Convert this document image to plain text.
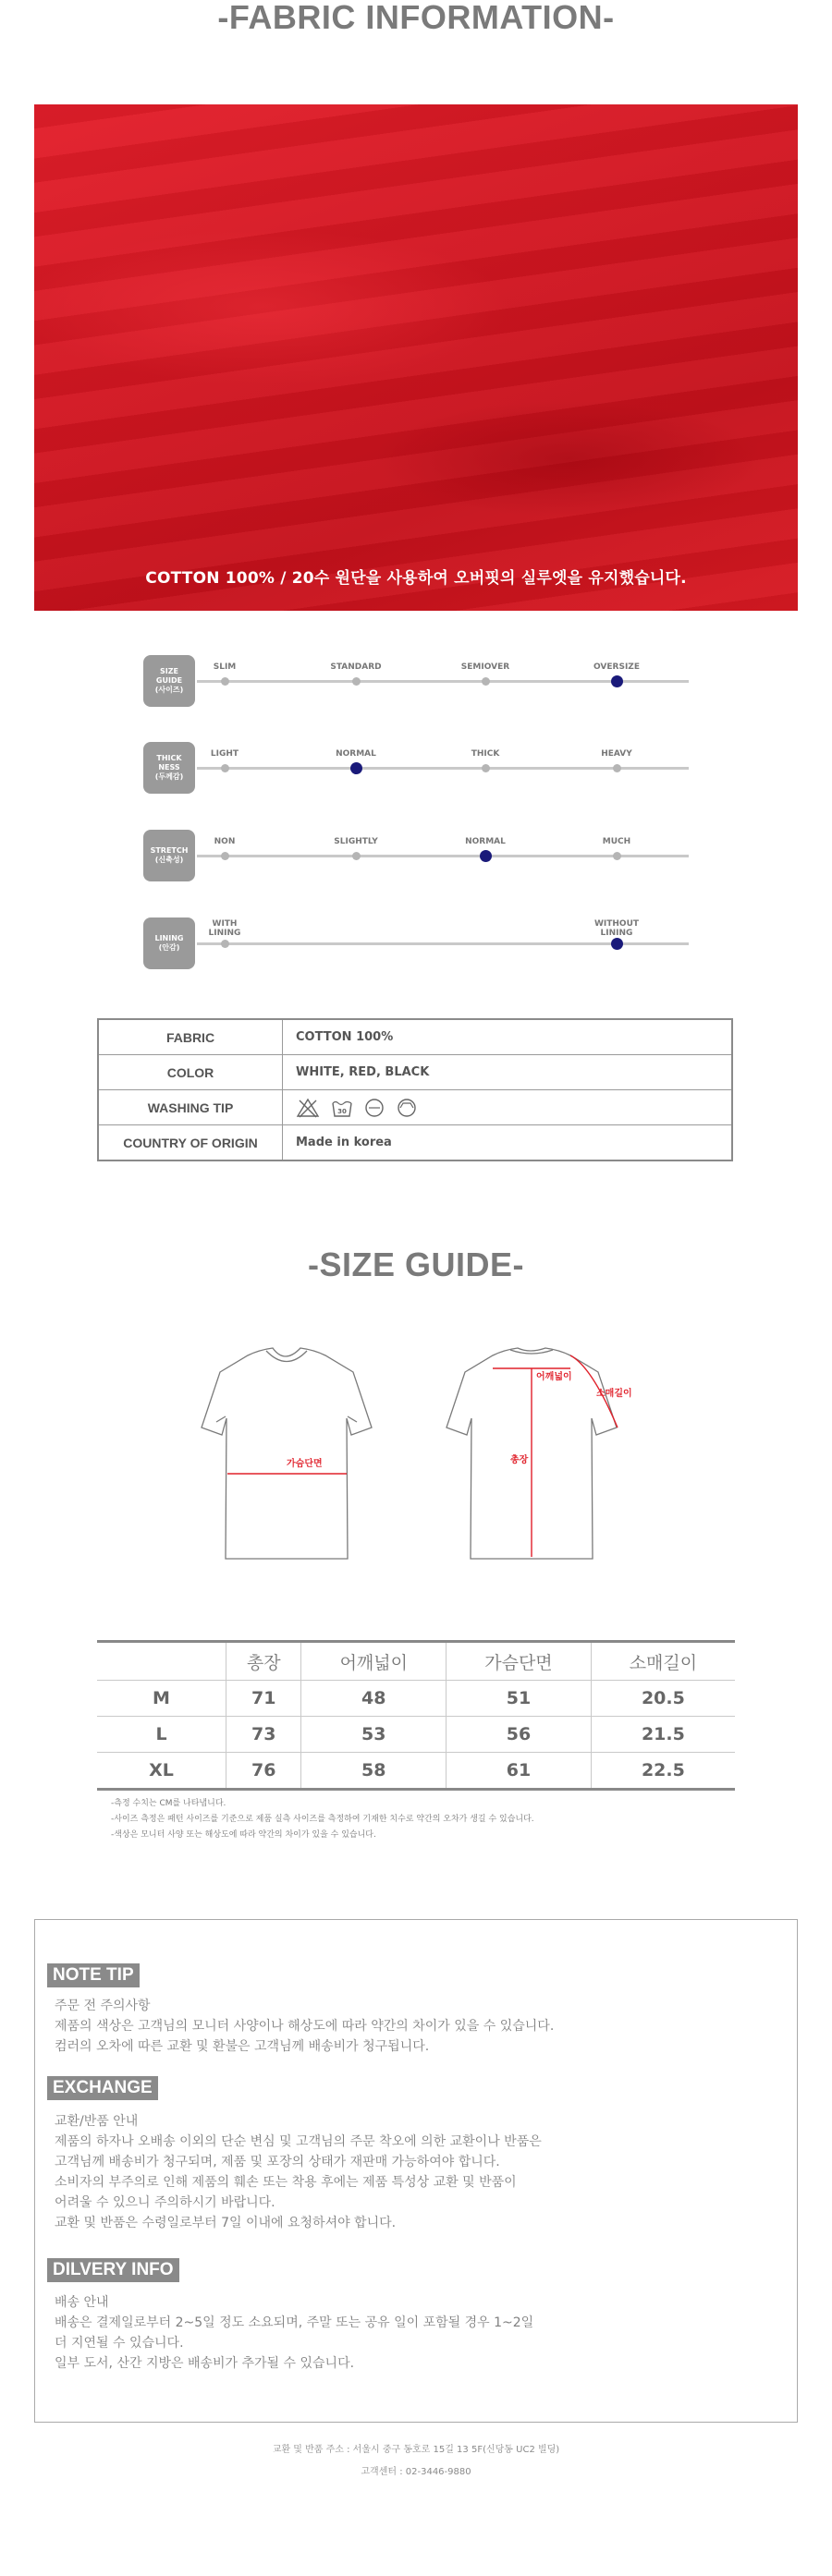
-FABRIC INFORMATION-
COTTON 100% / 20수 원단을 사용하여 오버핏의 실루엣을 유지했습니다.
SIZE
GUIDE
(사이즈)
SLIM	STANDARD	SEMIOVER	OVERSIZE
THICK
NESS
(두께감)
LIGHT	NORMAL	THICK	HEAVY
STRETCH
(신축성)
NON	SLIGHTLY	NORMAL	MUCH
LINING
(안감)
WITH
LINING
WITHOUT
LINING
FABRIC	COTTON 100%
COLOR	WHITE, RED, BLACK
WASHING TIP	30

COUNTRY OF ORIGIN	Made in korea
-SIZE GUIDE-
가슴단면
어깨넓이
소매길이
총장
	총장	어깨넓이	가슴단면	소매길이
M	71	48	51	20.5
L	73	53	56	21.5
XL	76	58	61	22.5
-측정 수치는 CM를 나타냅니다.
-사이즈 측정은 패턴 사이즈를 기준으로 제품 실측 사이즈를 측정하여 기재한 치수로 약간의 오차가 생길 수 있습니다.
-색상은 모니터 사양 또는 해상도에 따라 약간의 차이가 있을 수 있습니다.
NOTE TIP
주문 전 주의사항
제품의 색상은 고객님의 모니터 사양이나 해상도에 따라 약간의 차이가 있을 수 있습니다.
컴러의 오차에 따른 교환 및 환불은 고객님께 배송비가 청구됩니다.
EXCHANGE
교환/반품 안내
제품의 하자나 오배송 이외의 단순 변심 및 고객님의 주문 착오에 의한 교환이나 반품은
고객님께 배송비가 청구되며, 제품 및 포장의 상태가 재판매 가능하여야 합니다.
소비자의 부주의로 인해 제품의 훼손 또는 착용 후에는 제품 특성상 교환 및 반품이
어려울 수 있으니 주의하시기 바랍니다.
교환 및 반품은 수령일로부터 7일 이내에 요청하셔야 합니다.
DILVERY INFO
배송 안내
배송은 결제일로부터 2~5일 정도 소요되며, 주말 또는 공유 일이 포함될 경우 1~2일
더 지연될 수 있습니다.
일부 도서, 산간 지방은 배송비가 추가될 수 있습니다.
교환 및 반품 주소 : 서울시 중구 동호로 15길 13 5F(신당동 UC2 빌딩)
고객센터 : 02-3446-9880
